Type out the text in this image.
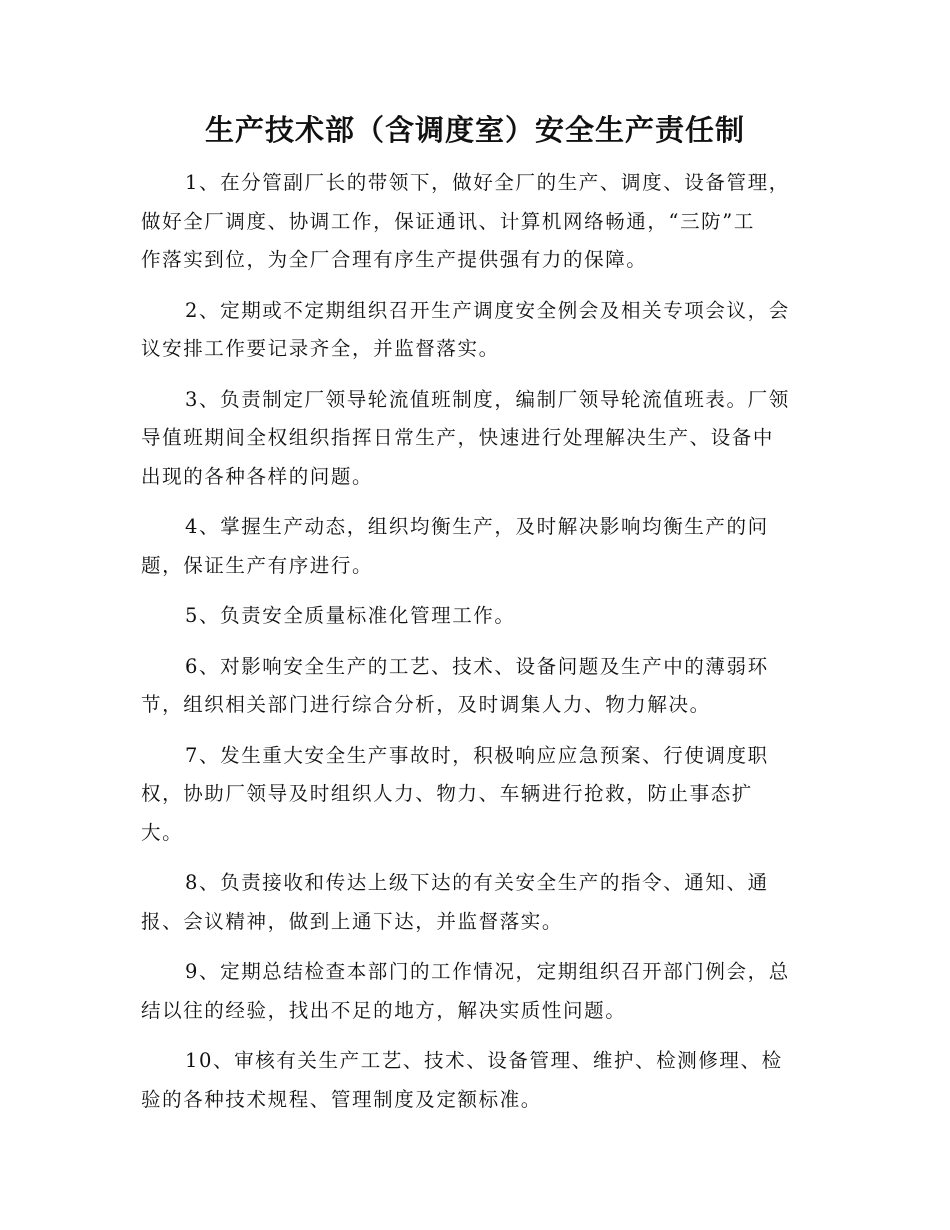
生产技术部（含调度室）安全生产责任制

1、在分管副厂长的带领下，做好全厂的生产、调度、设备管理，
做好全厂调度、协调工作，保证通讯、计算机网络畅通，“三防”工
作落实到位，为全厂合理有序生产提供强有力的保障。

2、定期或不定期组织召开生产调度安全例会及相关专项会议，会
议安排工作要记录齐全，并监督落实。

3、负责制定厂领导轮流值班制度，编制厂领导轮流值班表。厂领
导值班期间全权组织指挥日常生产，快速进行处理解决生产、设备中
出现的各种各样的问题。

4、掌握生产动态，组织均衡生产，及时解决影响均衡生产的问
题，保证生产有序进行。

5、负责安全质量标准化管理工作。

6、对影响安全生产的工艺、技术、设备问题及生产中的薄弱环
节，组织相关部门进行综合分析，及时调集人力、物力解决。

7、发生重大安全生产事故时，积极响应应急预案、行使调度职
权，协助厂领导及时组织人力、物力、车辆进行抢救，防止事态扩
大。

8、负责接收和传达上级下达的有关安全生产的指令、通知、通
报、会议精神，做到上通下达，并监督落实。

9、定期总结检查本部门的工作情况，定期组织召开部门例会，总
结以往的经验，找出不足的地方，解决实质性问题。

10、审核有关生产工艺、技术、设备管理、维护、检测修理、检
验的各种技术规程、管理制度及定额标准。
